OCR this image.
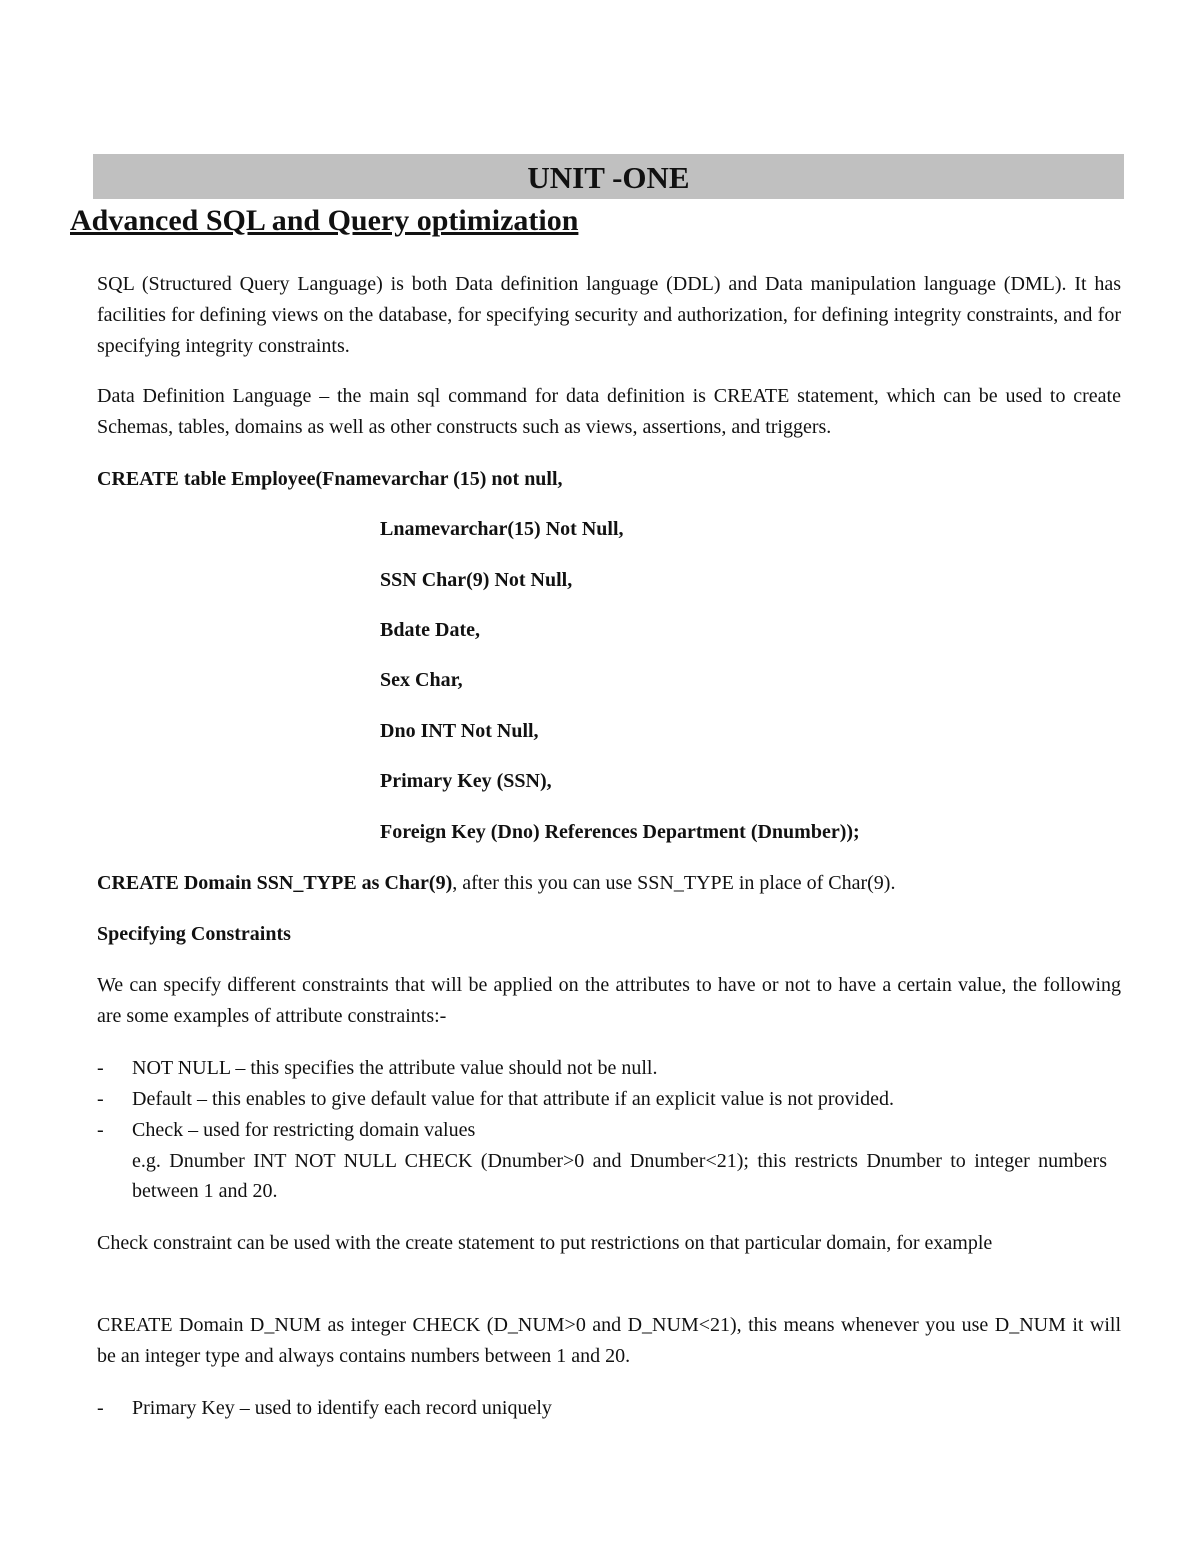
UNIT -ONE
Advanced SQL and Query optimization
SQL (Structured Query Language) is both Data definition language (DDL) and Data manipulation language (DML). It has facilities for defining views on the database, for specifying security and authorization, for defining integrity constraints, and for specifying integrity constraints.
Data Definition Language – the main sql command for data definition is CREATE statement, which can be used to create Schemas, tables, domains as well as other constructs such as views, assertions, and triggers.
CREATE table Employee(Fnamevarchar (15) not null,
Lnamevarchar(15) Not Null,
SSN Char(9) Not Null,
Bdate Date,
Sex Char,
Dno INT Not Null,
Primary Key (SSN),
Foreign Key (Dno) References Department (Dnumber));
CREATE Domain SSN_TYPE as Char(9), after this you can use SSN_TYPE in place of Char(9).
Specifying Constraints
We can specify different constraints that will be applied on the attributes to have or not to have a certain value, the following are some examples of attribute constraints:-
- NOT NULL – this specifies the attribute value should not be null.
- Default – this enables to give default value for that attribute if an explicit value is not provided.
- Check – used for restricting domain values
e.g. Dnumber INT NOT NULL CHECK (Dnumber>0 and Dnumber<21); this restricts Dnumber to integer numbers between 1 and 20.
Check constraint can be used with the create statement to put restrictions on that particular domain, for example
CREATE Domain D_NUM as integer CHECK (D_NUM>0 and D_NUM<21), this means whenever you use D_NUM it will be an integer type and always contains numbers between 1 and 20.
- Primary Key – used to identify each record uniquely
